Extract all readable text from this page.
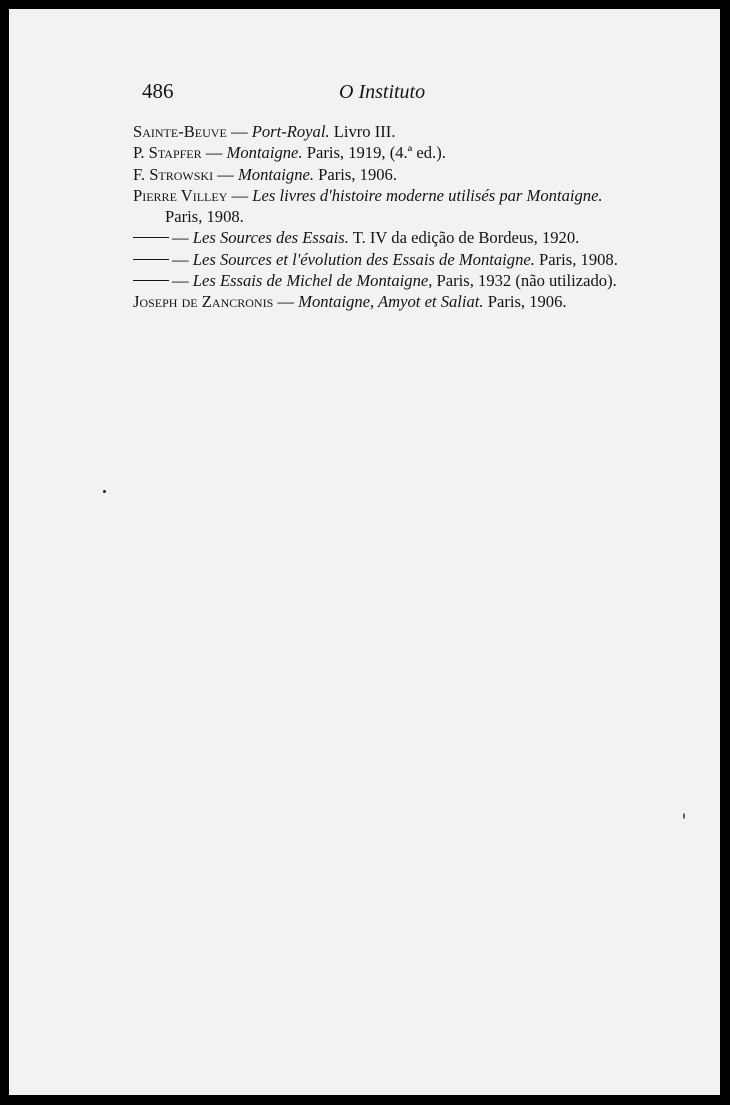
486	O Instituto
Sainte-Beuve — Port-Royal. Livro III.
P. Stapfer — Montaigne. Paris, 1919, (4.ª ed.).
F. Strowski — Montaigne. Paris, 1906.
Pierre Villey — Les livres d'histoire moderne utilisés par Montaigne.
Paris, 1908.
— Les Sources des Essais. T. IV da edição de Bordeus, 1920.
— Les Sources et l'évolution des Essais de Montaigne. Paris, 1908.
— Les Essais de Michel de Montaigne, Paris, 1932 (não utilizado).
Joseph de Zancronis — Montaigne, Amyot et Saliat. Paris, 1906.
